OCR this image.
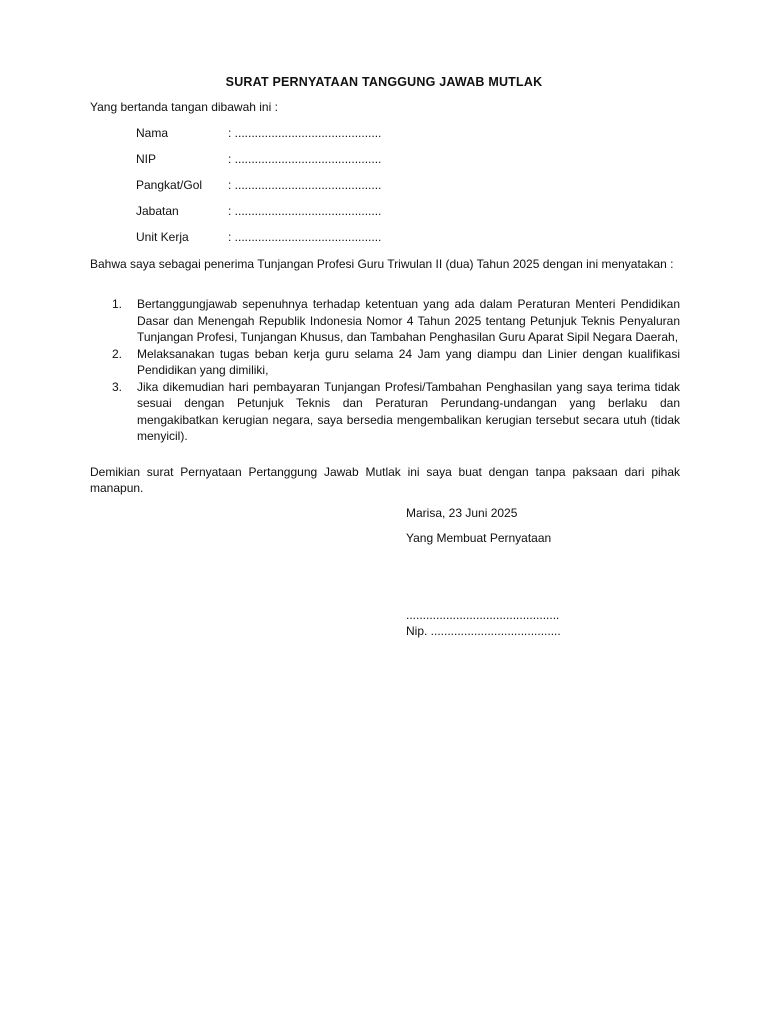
SURAT PERNYATAAN TANGGUNG JAWAB MUTLAK
Yang bertanda tangan dibawah ini :
Nama	: ............................................
NIP	: ............................................
Pangkat/Gol : ............................................
Jabatan	: ............................................
Unit Kerja	: ............................................
Bahwa saya sebagai penerima Tunjangan Profesi Guru Triwulan II (dua) Tahun 2025 dengan ini menyatakan :
1. Bertanggungjawab sepenuhnya terhadap ketentuan yang ada dalam Peraturan Menteri Pendidikan Dasar dan Menengah Republik Indonesia Nomor 4 Tahun 2025 tentang Petunjuk Teknis Penyaluran Tunjangan Profesi, Tunjangan Khusus, dan Tambahan Penghasilan Guru Aparat Sipil Negara Daerah,
2. Melaksanakan tugas beban kerja guru selama 24 Jam yang diampu dan Linier dengan kualifikasi Pendidikan yang dimiliki,
3. Jika dikemudian hari pembayaran Tunjangan Profesi/Tambahan Penghasilan yang saya terima tidak sesuai dengan Petunjuk Teknis dan Peraturan Perundang-undangan yang berlaku dan mengakibatkan kerugian negara, saya bersedia mengembalikan kerugian tersebut secara utuh (tidak menyicil).
Demikian surat Pernyataan Pertanggung Jawab Mutlak ini saya buat dengan tanpa paksaan dari pihak manapun.
Marisa, 23 Juni 2025
Yang Membuat Pernyataan
..............................................
Nip. .......................................
